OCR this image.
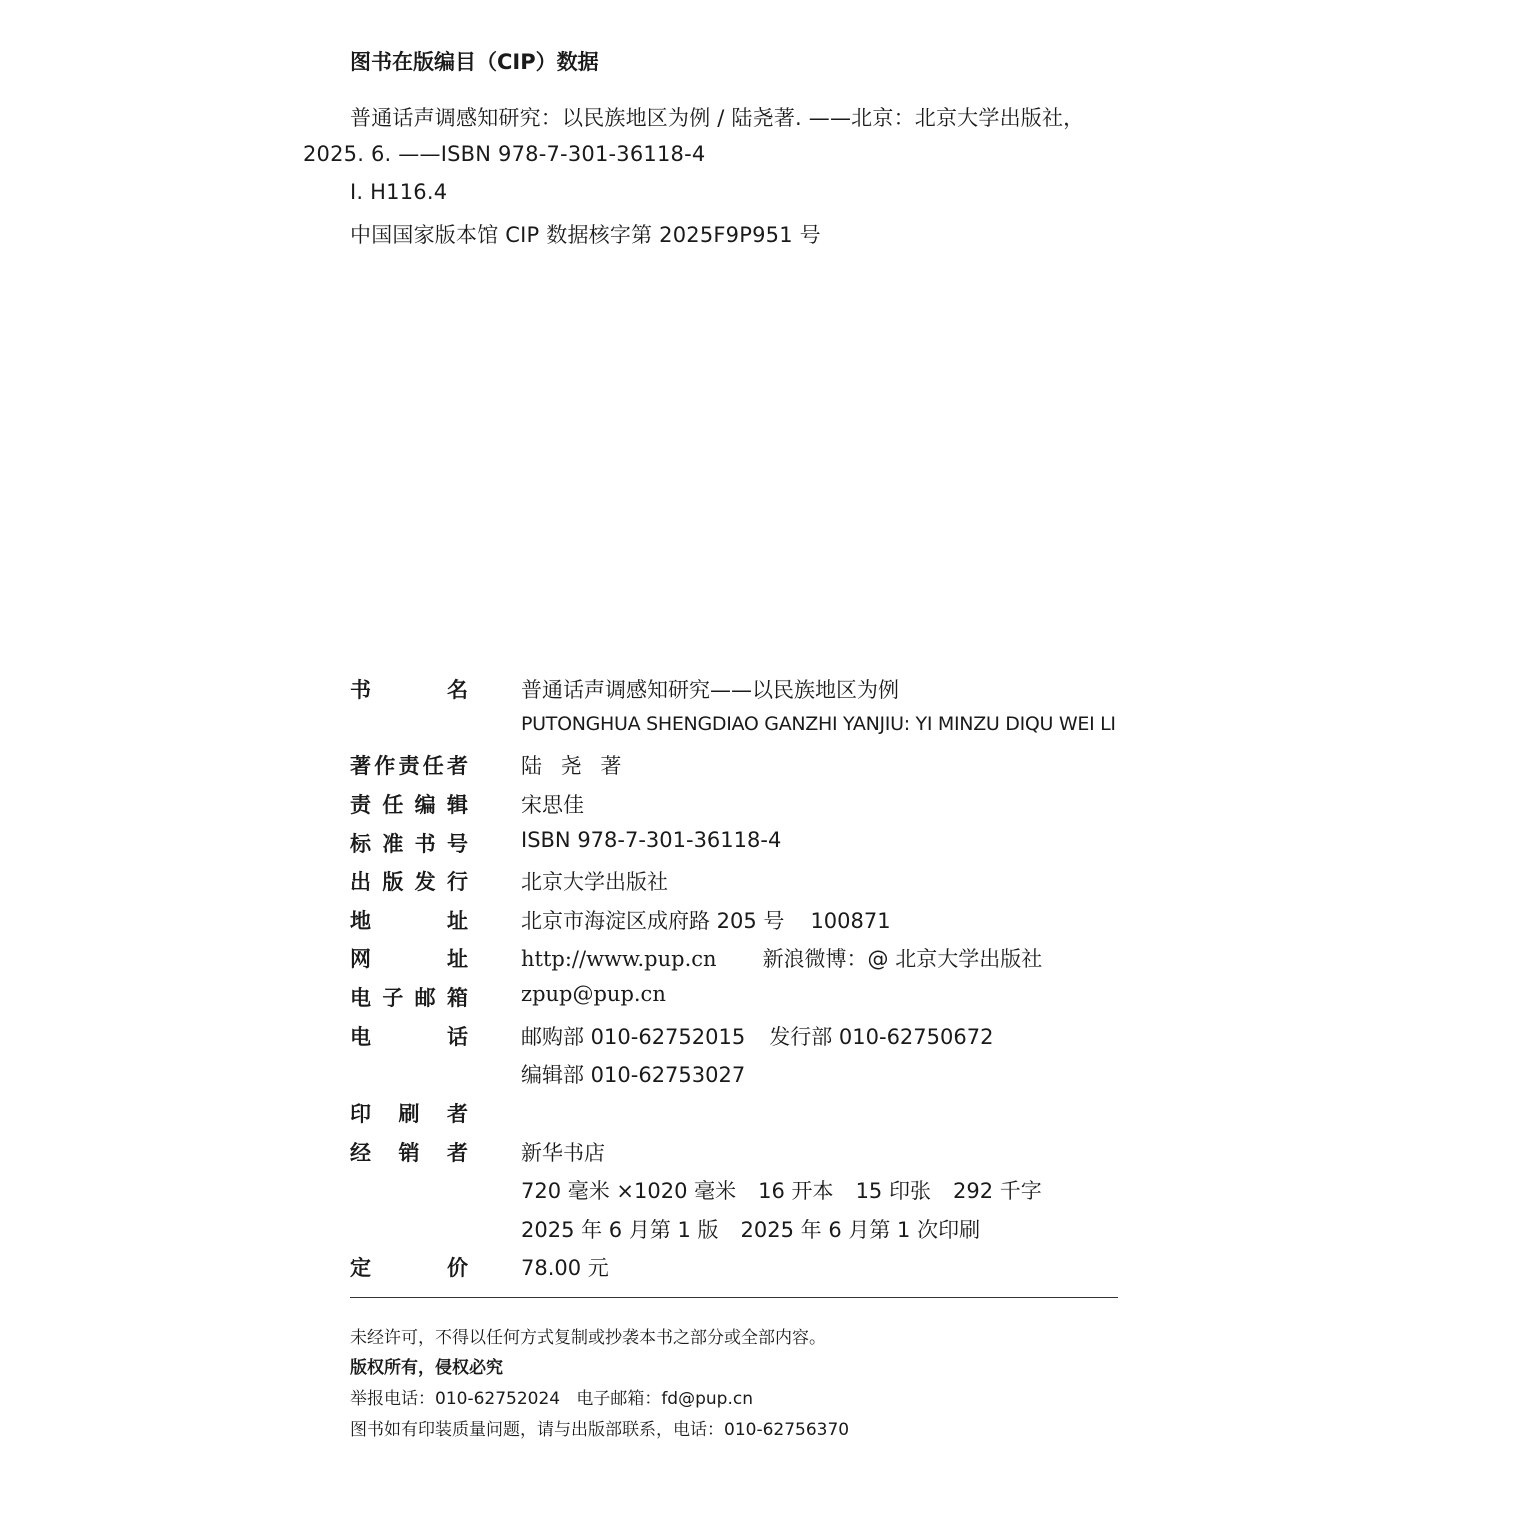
图书在版编目（CIP）数据
普通话声调感知研究：以民族地区为例 / 陆尧著. ——北京：北京大学出版社，
2025. 6. ——ISBN 978-7-301-36118-4
Ⅰ. H116.4
中国国家版本馆 CIP 数据核字第 2025F9P951 号
书	名	普通话声调感知研究——以民族地区为例
PUTONGHUA SHENGDIAO GANZHI YANJIU: YI MINZU DIQU WEI LI
著 作 责 任 者	陆 尧 著
责 任 编 辑	宋思佳
标 准 书 号	ISBN 978-7-301-36118-4
出 版 发 行	北京大学出版社
地	址	北京市海淀区成府路 205 号 100871
网	址	http://www.pup.cn 新浪微博：@ 北京大学出版社
电 子 邮 箱	zpup@pup.cn
电	话	邮购部 010-62752015 发行部 010-62750672
编辑部 010-62753027
印 刷 者
经 销 者	新华书店
720 毫米 ×1020 毫米 16 开本 15 印张 292 千字
2025 年 6 月第 1 版 2025 年 6 月第 1 次印刷
定	价	78.00 元
未经许可，不得以任何方式复制或抄袭本书之部分或全部内容。
版权所有，侵权必究
举报电话：010-62752024   电子邮箱：fd@pup.cn
图书如有印装质量问题，请与出版部联系，电话：010-62756370
